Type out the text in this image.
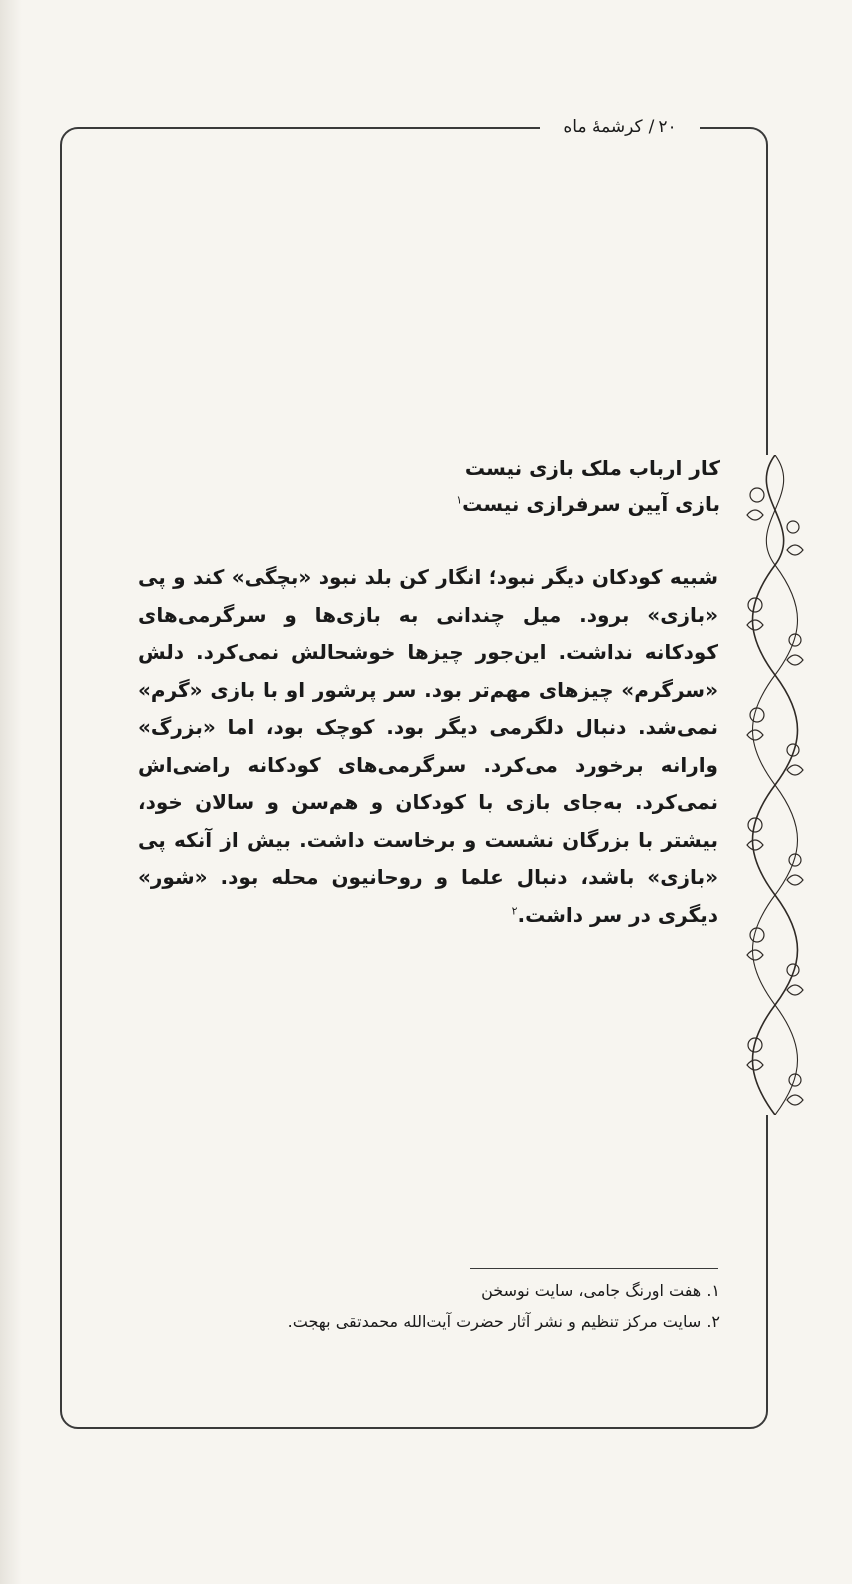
۲۰/کرشمهٔ ماه
کار ارباب ملک بازی نیست
بازی آیین سرفرازی نیست$^۱$
شبیه کودکان دیگر نبود؛ انگار کن بلد نبود «بچگی» کند و پی «بازی» برود. میل چندانی به بازی‌ها و سرگرمی‌های کودکانه نداشت. این‌جور چیزها خوشحالش نمی‌کرد. دلش «سرگرم» چیزهای مهم‌تر بود. سر پرشور او با بازی «گرم» نمی‌شد. دنبال دلگرمی دیگر بود. کوچک بود، اما «بزرگ» وارانه برخورد می‌کرد. سرگرمی‌های کودکانه راضی‌اش نمی‌کرد. به‌جای بازی با کودکان و هم‌سن و سالان خود، بیشتر با بزرگان نشست و برخاست داشت. بیش از آنکه پی «بازی» باشد، دنبال علما و روحانیون محله بود. «شور» دیگری در سر داشت.$^۲$
۱. هفت اورنگ جامی، سایت نوسخن
۲. سایت مرکز تنظیم و نشر آثار حضرت آیت‌الله محمدتقی بهجت.
